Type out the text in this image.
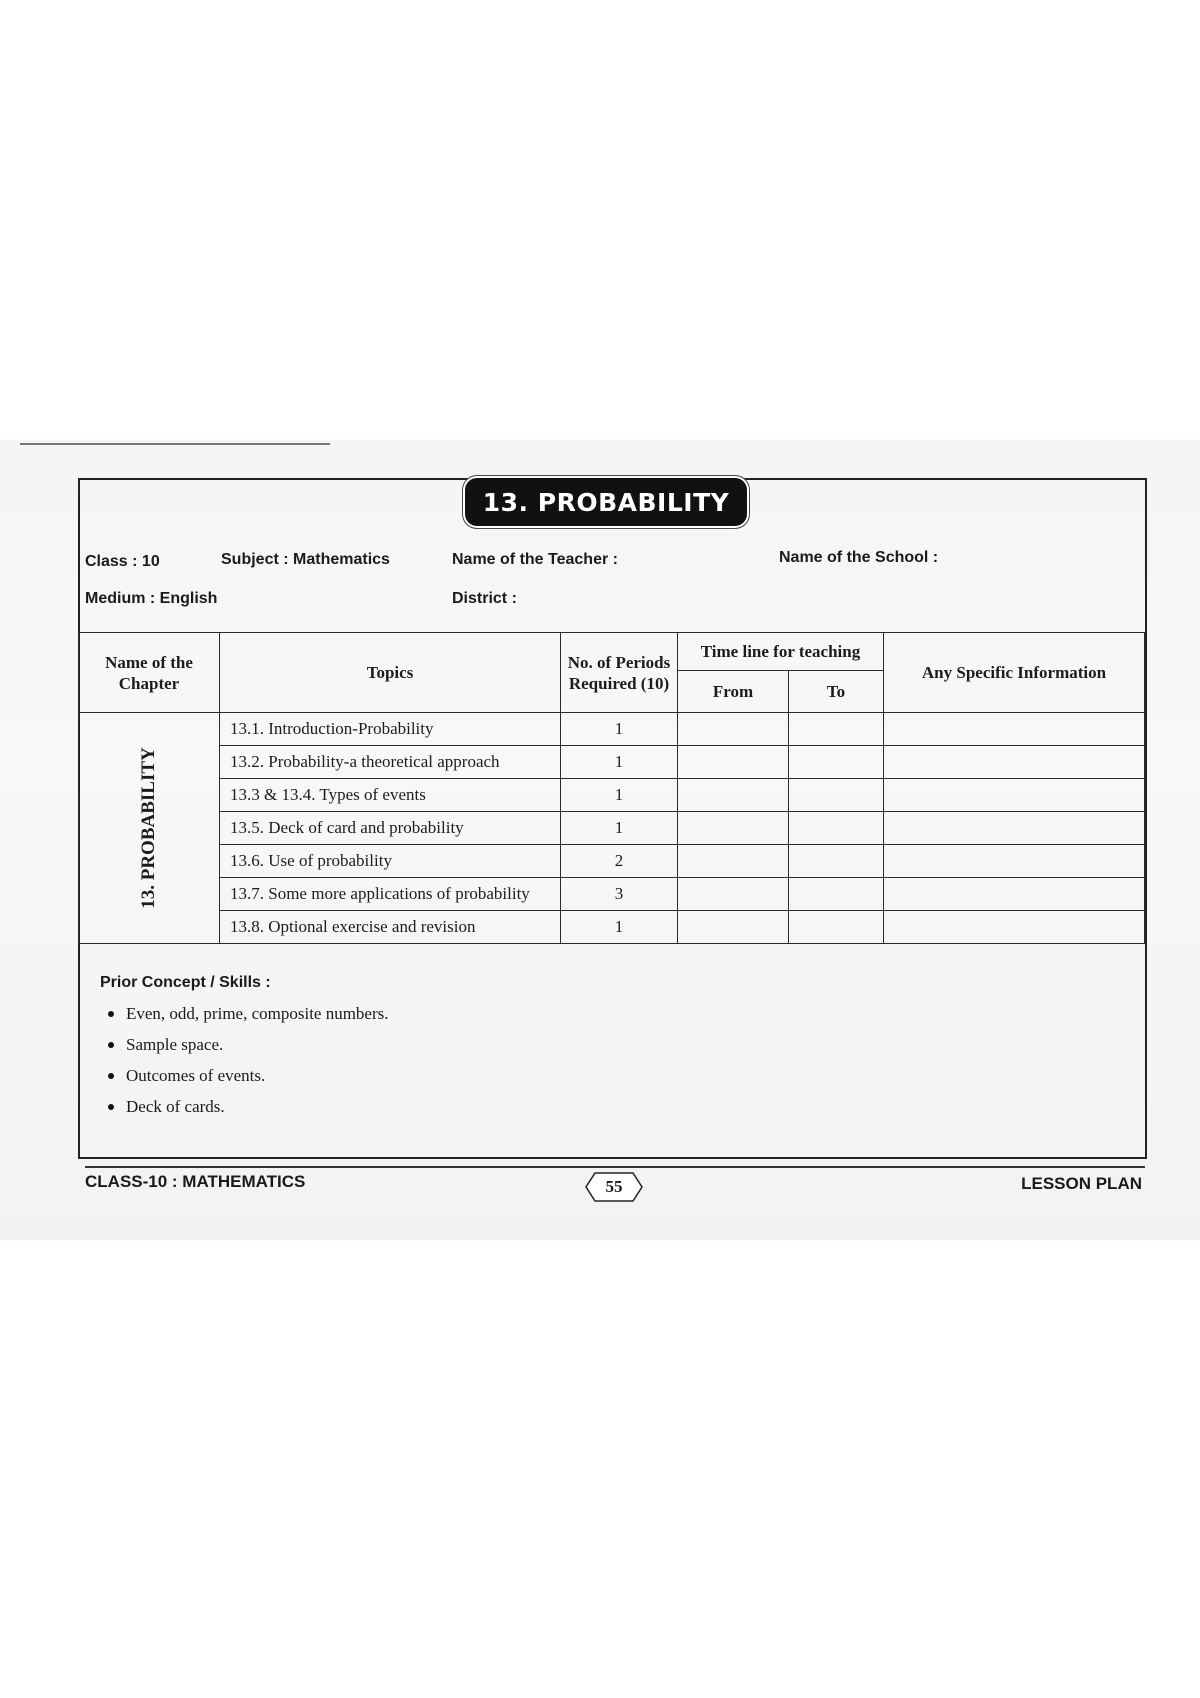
13. PROBABILITY
Class : 10	Subject : Mathematics	Name of the Teacher :	Name of the School :
Medium : English	District :
Name of the Chapter	Topics	No. of Periods Required (10)	Time line for teaching		Any Specific Information
			From	To	

13. PROBABILITY	13.1. Introduction-Probability	1			
	13.2. Probability-a theoretical approach	1			
	13.3 & 13.4. Types of events	1			
	13.5. Deck of card and probability	1			
	13.6. Use of probability	2			
	13.7. Some more applications of probability	3			
	13.8. Optional exercise and revision	1			
Prior Concept / Skills :
Even, odd, prime, composite numbers.
Sample space.
Outcomes of events.
Deck of cards.
CLASS-10 : MATHEMATICS	55	LESSON PLAN
